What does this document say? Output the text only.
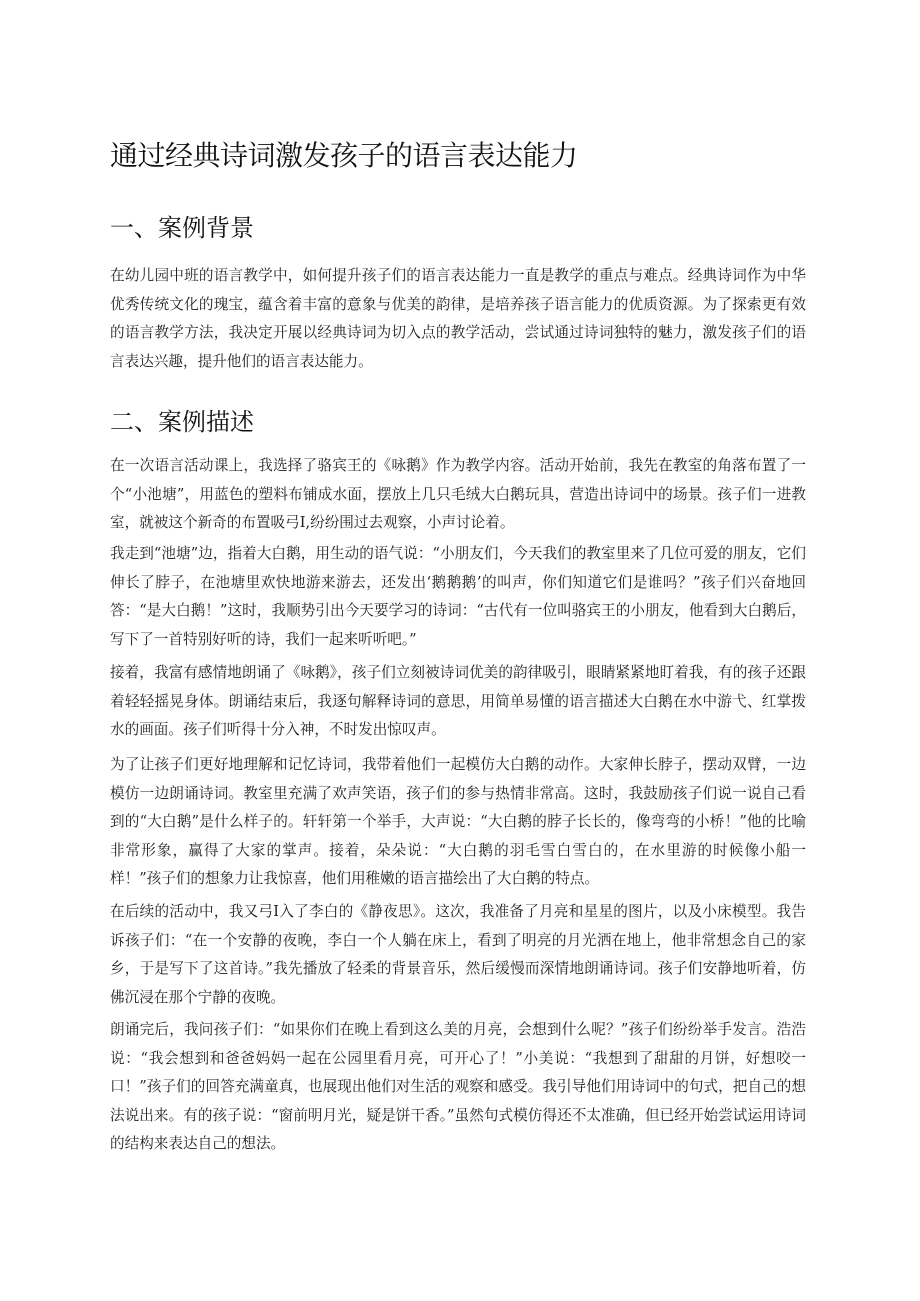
通过经典诗词激发孩子的语言表达能力
一、案例背景

在幼儿园中班的语言教学中，如何提升孩子们的语言表达能力一直是教学的重点与难点。经典诗词作为中华优秀传统文化的瑰宝，蕴含着丰富的意象与优美的韵律，是培养孩子语言能力的优质资源。为了探索更有效的语言教学方法，我决定开展以经典诗词为切入点的教学活动，尝试通过诗词独特的魅力，激发孩子们的语言表达兴趣，提升他们的语言表达能力。

二、案例描述

在一次语言活动课上，我选择了骆宾王的《咏鹅》作为教学内容。活动开始前，我先在教室的角落布置了一个“小池塘”，用蓝色的塑料布铺成水面，摆放上几只毛绒大白鹅玩具，营造出诗词中的场景。孩子们一进教室，就被这个新奇的布置吸弓I,纷纷围过去观察，小声讨论着。

我走到“池塘”边，指着大白鹅，用生动的语气说：“小朋友们，今天我们的教室里来了几位可爱的朋友，它们伸长了脖子，在池塘里欢快地游来游去，还发出‘鹅鹅鹅’的叫声，你们知道它们是谁吗？”孩子们兴奋地回答：“是大白鹅！”这时，我顺势引出今天要学习的诗词：“古代有一位叫骆宾王的小朋友，他看到大白鹅后，写下了一首特别好听的诗，我们一起来听听吧。”

接着，我富有感情地朗诵了《咏鹅》，孩子们立刻被诗词优美的韵律吸引，眼睛紧紧地盯着我，有的孩子还跟着轻轻摇晃身体。朗诵结束后，我逐句解释诗词的意思，用简单易懂的语言描述大白鹅在水中游弋、红掌拨水的画面。孩子们听得十分入神，不时发出惊叹声。

为了让孩子们更好地理解和记忆诗词，我带着他们一起模仿大白鹅的动作。大家伸长脖子，摆动双臂，一边模仿一边朗诵诗词。教室里充满了欢声笑语，孩子们的参与热情非常高。这时，我鼓励孩子们说一说自己看到的“大白鹅”是什么样子的。轩轩第一个举手，大声说：“大白鹅的脖子长长的，像弯弯的小桥！”他的比喻非常形象，赢得了大家的掌声。接着，朵朵说：“大白鹅的羽毛雪白雪白的，在水里游的时候像小船一样！”孩子们的想象力让我惊喜，他们用稚嫩的语言描绘出了大白鹅的特点。

在后续的活动中，我又弓I入了李白的《静夜思》。这次，我准备了月亮和星星的图片，以及小床模型。我告诉孩子们：“在一个安静的夜晚，李白一个人躺在床上，看到了明亮的月光洒在地上，他非常想念自己的家乡，于是写下了这首诗。”我先播放了轻柔的背景音乐，然后缓慢而深情地朗诵诗词。孩子们安静地听着，仿佛沉浸在那个宁静的夜晚。

朗诵完后，我问孩子们：“如果你们在晚上看到这么美的月亮，会想到什么呢？”孩子们纷纷举手发言。浩浩说：“我会想到和爸爸妈妈一起在公园里看月亮，可开心了！”小美说：“我想到了甜甜的月饼，好想咬一口！”孩子们的回答充满童真，也展现出他们对生活的观察和感受。我引导他们用诗词中的句式，把自己的想法说出来。有的孩子说：“窗前明月光，疑是饼干香。”虽然句式模仿得还不太准确，但已经开始尝试运用诗词的结构来表达自己的想法。
